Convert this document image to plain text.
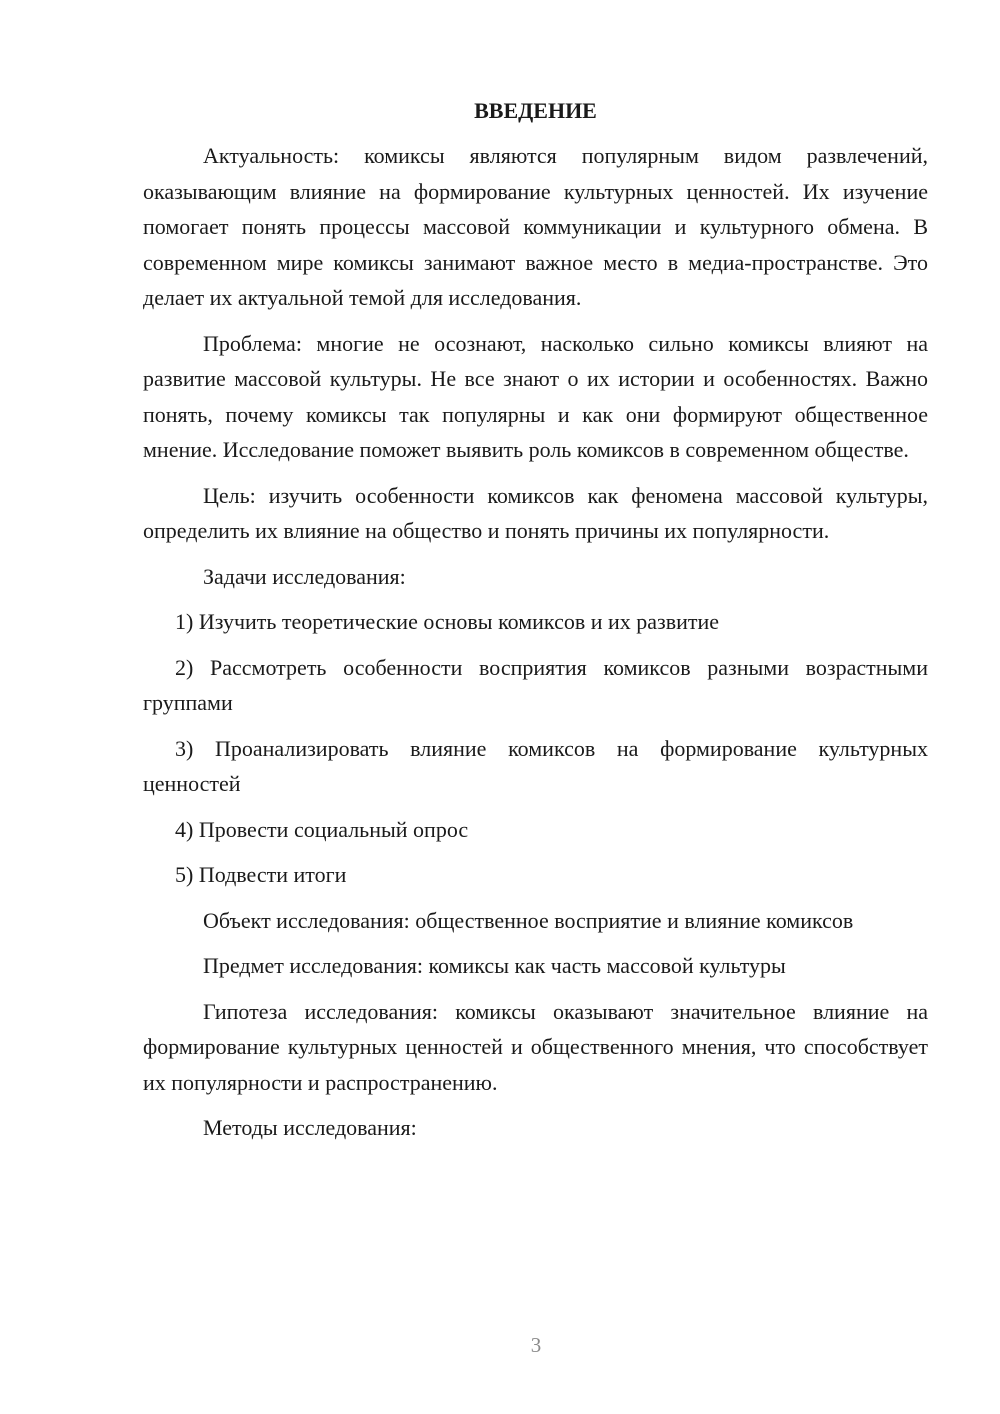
ВВЕДЕНИЕ
Актуальность: комиксы являются популярным видом развлечений, оказывающим влияние на формирование культурных ценностей. Их изучение помогает понять процессы массовой коммуникации и культурного обмена. В современном мире комиксы занимают важное место в медиа-пространстве. Это делает их актуальной темой для исследования.
Проблема: многие не осознают, насколько сильно комиксы влияют на развитие массовой культуры. Не все знают о их истории и особенностях. Важно понять, почему комиксы так популярны и как они формируют общественное мнение. Исследование поможет выявить роль комиксов в современном обществе.
Цель: изучить особенности комиксов как феномена массовой культуры, определить их влияние на общество и понять причины их популярности.
Задачи исследования:
1) Изучить теоретические основы комиксов и их развитие
2) Рассмотреть особенности восприятия комиксов разными возрастными группами
3) Проанализировать влияние комиксов на формирование культурных ценностей
4) Провести социальный опрос
5) Подвести итоги
Объект исследования: общественное восприятие и влияние комиксов
Предмет исследования: комиксы как часть массовой культуры
Гипотеза исследования: комиксы оказывают значительное влияние на формирование культурных ценностей и общественного мнения, что способствует их популярности и распространению.
Методы исследования:
3
